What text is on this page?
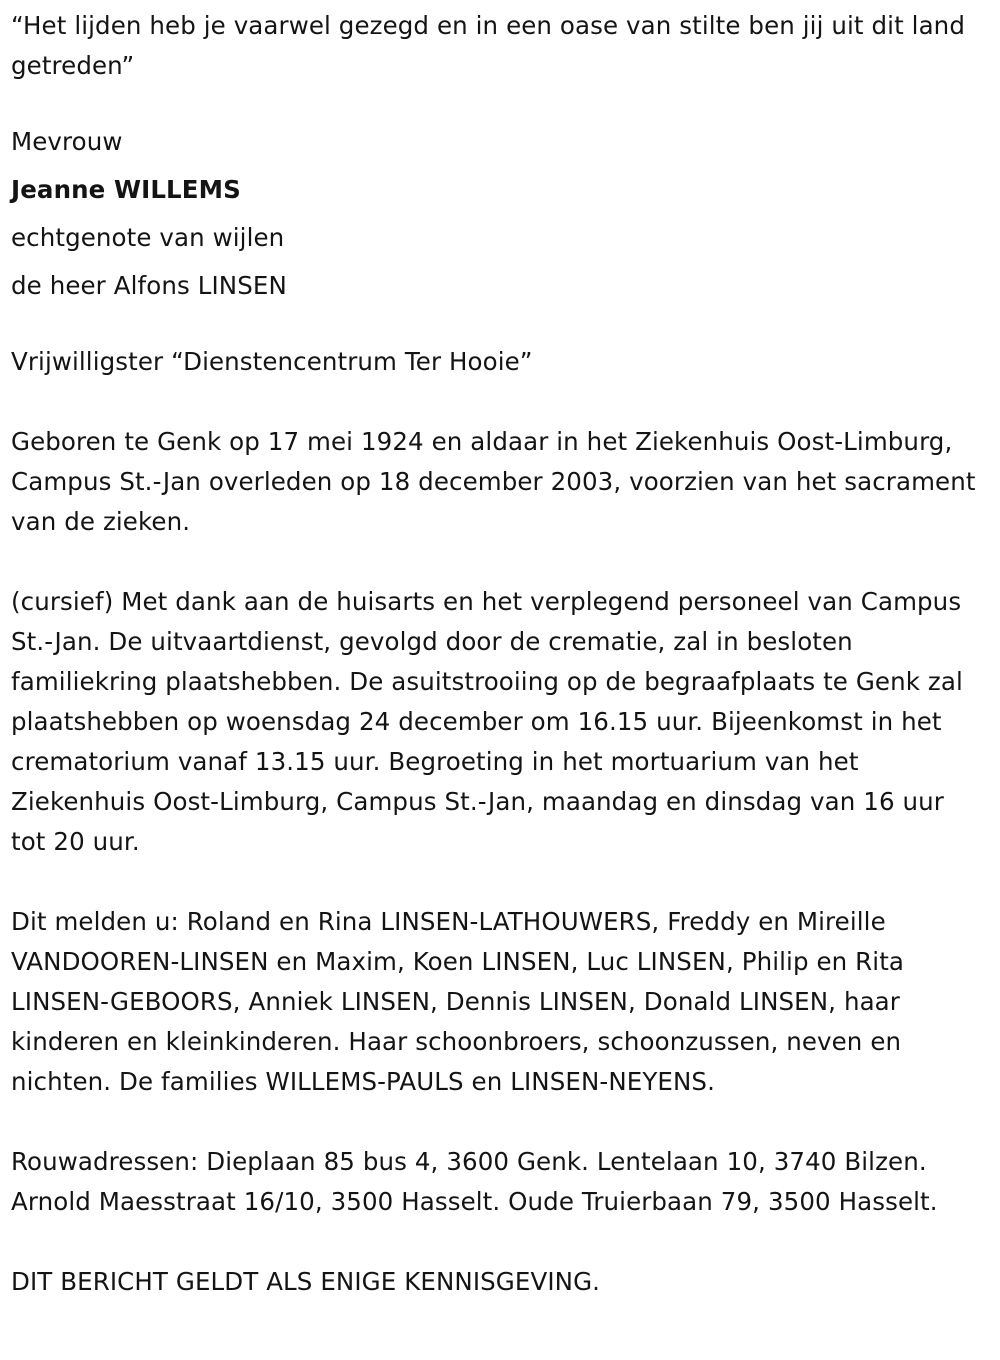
“Het lijden heb je vaarwel gezegd en in een oase van stilte ben jij uit dit land getreden”

Mevrouw

Jeanne WILLEMS

echtgenote van wijlen

de heer Alfons LINSEN

Vrijwilligster “Dienstencentrum Ter Hooie”

Geboren te Genk op 17 mei 1924 en aldaar in het Ziekenhuis Oost-Limburg, Campus St.-Jan overleden op 18 december 2003, voorzien van het sacrament van de zieken.

(cursief) Met dank aan de huisarts en het verplegend personeel van Campus St.-Jan. De uitvaartdienst, gevolgd door de crematie, zal in besloten familiekring plaatshebben. De asuitstrooiing op de begraafplaats te Genk zal plaatshebben op woensdag 24 december om 16.15 uur. Bijeenkomst in het crematorium vanaf 13.15 uur. Begroeting in het mortuarium van het Ziekenhuis Oost-Limburg, Campus St.-Jan, maandag en dinsdag van 16 uur tot 20 uur.

Dit melden u: Roland en Rina LINSEN-LATHOUWERS, Freddy en Mireille VANDOOREN-LINSEN en Maxim, Koen LINSEN, Luc LINSEN, Philip en Rita LINSEN-GEBOORS, Anniek LINSEN, Dennis LINSEN, Donald LINSEN, haar kinderen en kleinkinderen. Haar schoonbroers, schoonzussen, neven en nichten. De families WILLEMS-PAULS en LINSEN-NEYENS.

Rouwadressen: Dieplaan 85 bus 4, 3600 Genk. Lentelaan 10, 3740 Bilzen. Arnold Maesstraat 16/10, 3500 Hasselt. Oude Truierbaan 79, 3500 Hasselt.

DIT BERICHT GELDT ALS ENIGE KENNISGEVING.
